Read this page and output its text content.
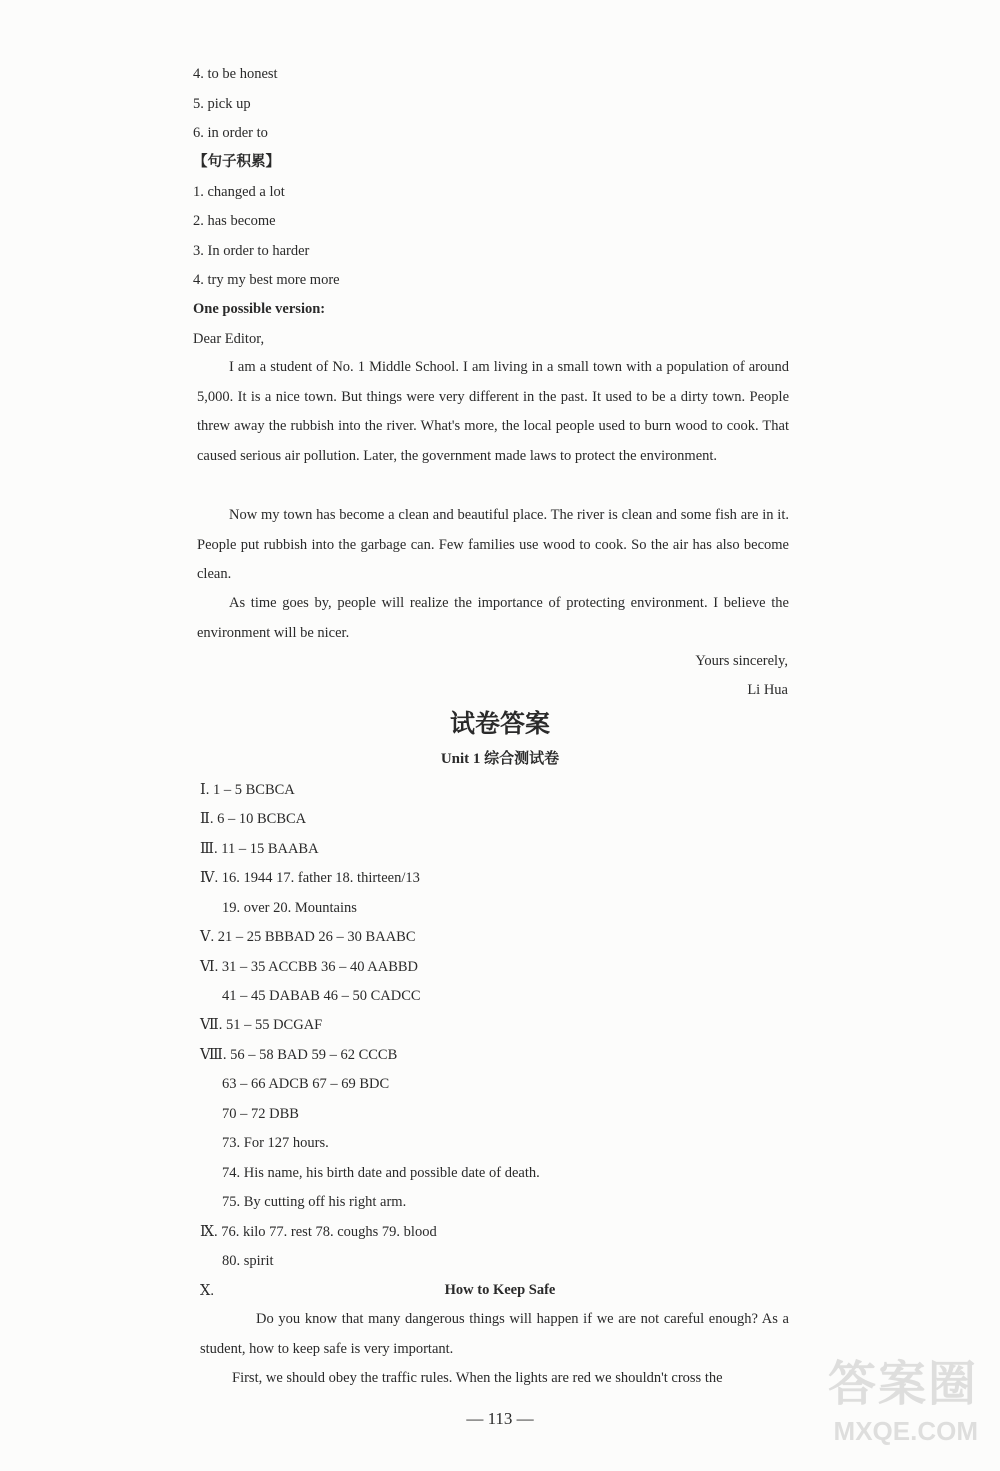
4. to be honest
5. pick up
6. in order to
【句子积累】
1. changed a lot
2. has become
3. In order to harder
4. try my best more more
One possible version:
Dear Editor,
I am a student of No. 1 Middle School. I am living in a small town with a population of around 5,000. It is a nice town. But things were very different in the past. It used to be a dirty town. People threw away the rubbish into the river. What's more, the local people used to burn wood to cook. That caused serious air pollution. Later, the government made laws to protect the environment.
Now my town has become a clean and beautiful place. The river is clean and some fish are in it. People put rubbish into the garbage can. Few families use wood to cook. So the air has also become clean.
As time goes by, people will realize the importance of protecting environment. I believe the environment will be nicer.
Yours sincerely,
Li Hua
试卷答案
Unit 1 综合测试卷
Ⅰ. 1 – 5 BCBCA
Ⅱ. 6 – 10 BCBCA
Ⅲ. 11 – 15 BAABA
Ⅳ. 16. 1944 17. father 18. thirteen/13
19. over 20. Mountains
Ⅴ. 21 – 25 BBBAD 26 – 30 BAABC
Ⅵ. 31 – 35 ACCBB 36 – 40 AABBD
41 – 45 DABAB 46 – 50 CADCC
Ⅶ. 51 – 55 DCGAF
Ⅷ. 56 – 58 BAD 59 – 62 CCCB
63 – 66 ADCB 67 – 69 BDC
70 – 72 DBB
73. For 127 hours.
74. His name, his birth date and possible date of death.
75. By cutting off his right arm.
Ⅸ. 76. kilo 77. rest 78. coughs 79. blood
80. spirit
Ⅹ.	How to Keep Safe
Do you know that many dangerous things will happen if we are not careful enough? As a student, how to keep safe is very important.
First, we should obey the traffic rules. When the lights are red we shouldn't cross the
— 113 —
答案圈
MXQE.COM
